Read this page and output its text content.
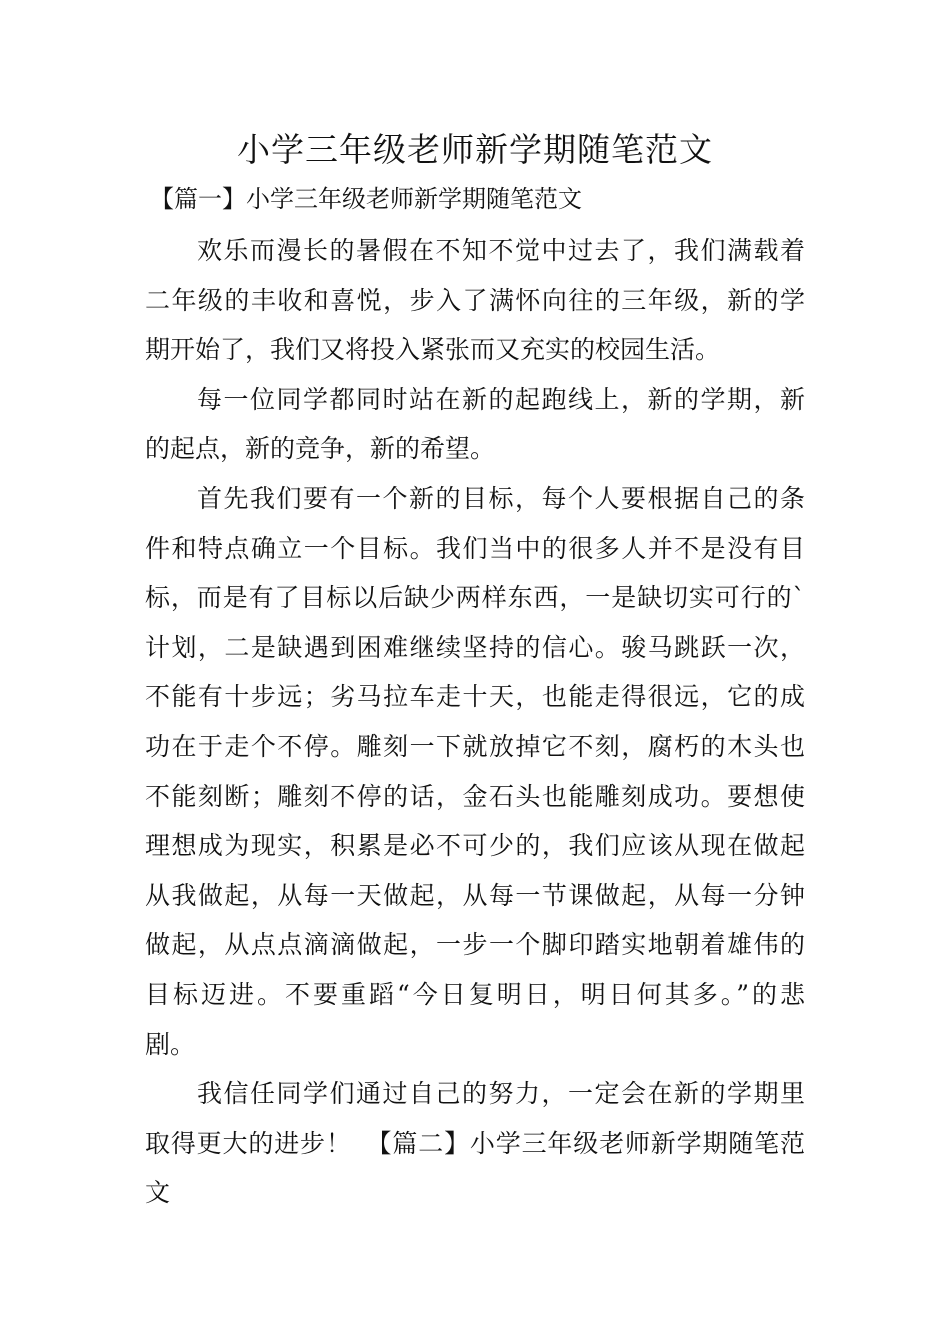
小学三年级老师新学期随笔范文
【篇一】小学三年级老师新学期随笔范文
欢乐而漫长的暑假在不知不觉中过去了，我们满载着
二年级的丰收和喜悦，步入了满怀向往的三年级，新的学
期开始了，我们又将投入紧张而又充实的校园生活。
每一位同学都同时站在新的起跑线上，新的学期，新
的起点，新的竞争，新的希望。
首先我们要有一个新的目标，每个人要根据自己的条
件和特点确立一个目标。我们当中的很多人并不是没有目
标，而是有了目标以后缺少两样东西，一是缺切实可行的`
计划，二是缺遇到困难继续坚持的信心。骏马跳跃一次，
不能有十步远；劣马拉车走十天，也能走得很远，它的成
功在于走个不停。雕刻一下就放掉它不刻，腐朽的木头也
不能刻断；雕刻不停的话，金石头也能雕刻成功。要想使
理想成为现实，积累是必不可少的，我们应该从现在做起
从我做起，从每一天做起，从每一节课做起，从每一分钟
做起，从点点滴滴做起，一步一个脚印踏实地朝着雄伟的
目标迈进。不要重蹈“今日复明日，明日何其多。”的悲
剧。
我信任同学们通过自己的努力，一定会在新的学期里
取得更大的进步！ 【篇二】小学三年级老师新学期随笔范
文
